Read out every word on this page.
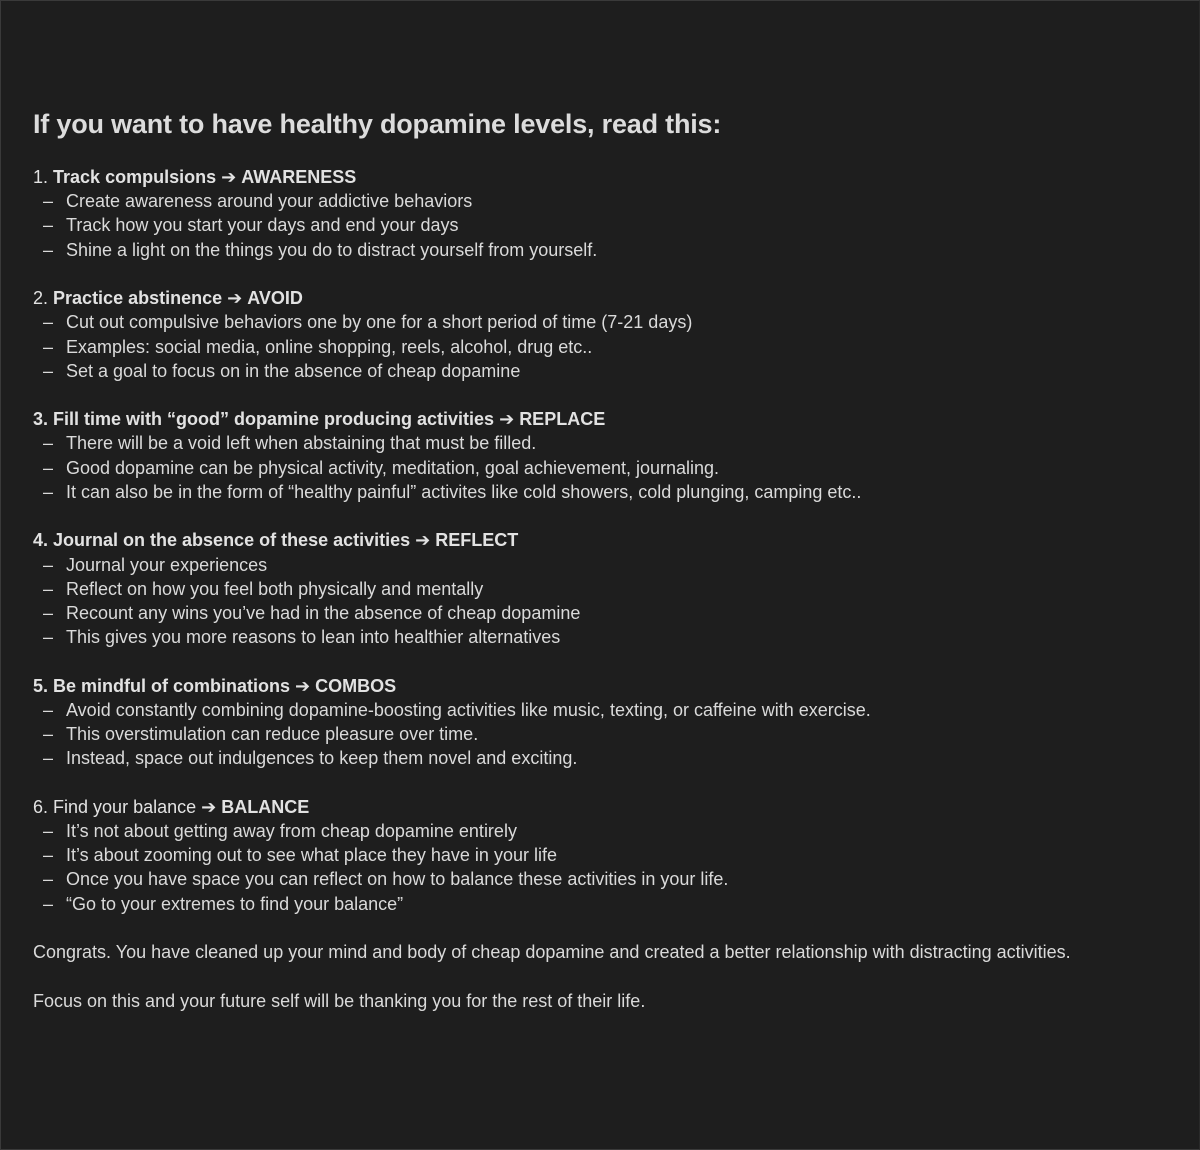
If you want to have healthy dopamine levels, read this:
1. Track compulsions ➔ AWARENESS
– Create awareness around your addictive behaviors
– Track how you start your days and end your days
– Shine a light on the things you do to distract yourself from yourself.
2. Practice abstinence ➔ AVOID
– Cut out compulsive behaviors one by one for a short period of time (7-21 days)
– Examples: social media, online shopping, reels, alcohol, drug etc..
– Set a goal to focus on in the absence of cheap dopamine
3. Fill time with “good” dopamine producing activities ➔ REPLACE
– There will be a void left when abstaining that must be filled.
– Good dopamine can be physical activity, meditation, goal achievement, journaling.
– It can also be in the form of “healthy painful” activites like cold showers, cold plunging, camping etc..
4. Journal on the absence of these activities ➔ REFLECT
– Journal your experiences
– Reflect on how you feel both physically and mentally
– Recount any wins you’ve had in the absence of cheap dopamine
– This gives you more reasons to lean into healthier alternatives
5. Be mindful of combinations ➔ COMBOS
– Avoid constantly combining dopamine-boosting activities like music, texting, or caffeine with exercise.
– This overstimulation can reduce pleasure over time.
– Instead, space out indulgences to keep them novel and exciting.
6. Find your balance ➔ BALANCE
– It’s not about getting away from cheap dopamine entirely
– It’s about zooming out to see what place they have in your life
– Once you have space you can reflect on how to balance these activities in your life.
– “Go to your extremes to find your balance”
Congrats. You have cleaned up your mind and body of cheap dopamine and created a better relationship with distracting activities.
Focus on this and your future self will be thanking you for the rest of their life.
